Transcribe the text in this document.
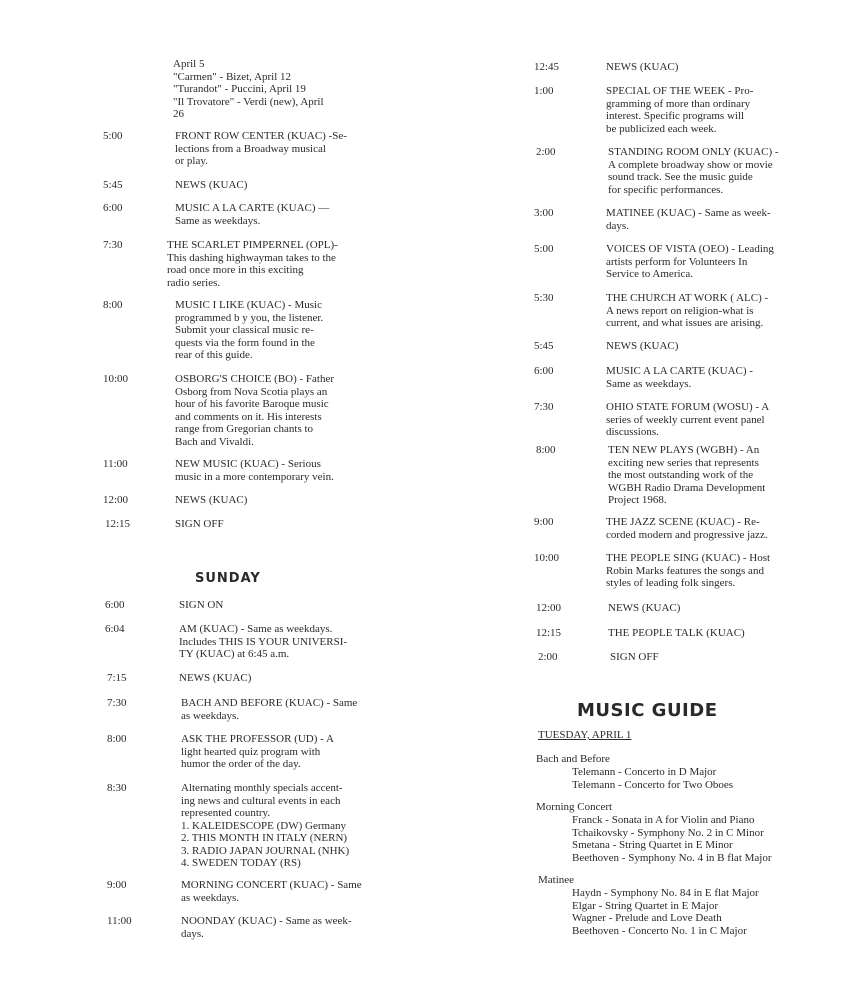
April 5
"Carmen" - Bizet, April 12
"Turandot" - Puccini, April 19
"Il Trovatore" - Verdi (new), April
26
5:00	FRONT ROW CENTER (KUAC) -Se-
lections from a Broadway musical
or play.
5:45	NEWS (KUAC)
6:00	MUSIC A LA CARTE (KUAC) —
Same as weekdays.
7:30	THE SCARLET PIMPERNEL (OPL)-
This dashing highwayman takes to the
road once more in this exciting
radio series.
8:00	MUSIC I LIKE (KUAC) - Music
programmed b y you, the listener.
Submit your classical music re-
quests via the form found in the
rear of this guide.
10:00	OSBORG'S CHOICE (BO) - Father
Osborg from Nova Scotia plays an
hour of his favorite Baroque music
and comments on it. His interests
range from Gregorian chants to
Bach and Vivaldi.
11:00	NEW MUSIC (KUAC) - Serious
music in a more contemporary vein.
12:00	NEWS (KUAC)
12:15	SIGN OFF
SUNDAY
6:00	SIGN ON
6:04	AM (KUAC) - Same as weekdays.
Includes THIS IS YOUR UNIVERSI-
TY (KUAC) at 6:45 a.m.
7:15	NEWS (KUAC)
7:30	BACH AND BEFORE (KUAC) - Same
as weekdays.
8:00	ASK THE PROFESSOR (UD) - A
light hearted quiz program with
humor the order of the day.
8:30	Alternating monthly specials accent-
ing news and cultural events in each
represented country.
1. KALEIDESCOPE (DW) Germany
2. THIS MONTH IN ITALY (NERN)
3. RADIO JAPAN JOURNAL (NHK)
4. SWEDEN TODAY (RS)
9:00	MORNING CONCERT (KUAC) - Same
as weekdays.
11:00	NOONDAY (KUAC) - Same as week-
days.
12:45	NEWS (KUAC)
1:00	SPECIAL OF THE WEEK - Pro-
gramming of more than ordinary
interest. Specific programs will
be publicized each week.
2:00	STANDING ROOM ONLY (KUAC) -
A complete broadway show or movie
sound track. See the music guide
for specific performances.
3:00	MATINEE (KUAC) - Same as week-
days.
5:00	VOICES OF VISTA (OEO) - Leading
artists perform for Volunteers In
Service to America.
5:30	THE CHURCH AT WORK ( ALC) -
A news report on religion-what is
current, and what issues are arising.
5:45	NEWS (KUAC)
6:00	MUSIC A LA CARTE (KUAC) -
Same as weekdays.
7:30	OHIO STATE FORUM (WOSU) - A
series of weekly current event panel
discussions.
8:00	TEN NEW PLAYS (WGBH) - An
exciting new series that represents
the most outstanding work of the
WGBH Radio Drama Development
Project 1968.
9:00	THE JAZZ SCENE (KUAC) - Re-
corded modern and progressive jazz.
10:00	THE PEOPLE SING (KUAC) - Host
Robin Marks features the songs and
styles of leading folk singers.
12:00	NEWS (KUAC)
12:15	THE PEOPLE TALK (KUAC)
2:00	SIGN OFF
MUSIC GUIDE
TUESDAY, APRIL 1
Bach and Before
Telemann - Concerto in D Major
Telemann - Concerto for Two Oboes
Morning Concert
Franck - Sonata in A for Violin and Piano
Tchaikovsky - Symphony No. 2 in C Minor
Smetana - String Quartet in E Minor
Beethoven - Symphony No. 4 in B flat Major
Matinee
Haydn - Symphony No. 84 in E flat Major
Elgar - String Quartet in E Major
Wagner - Prelude and Love Death
Beethoven - Concerto No. 1 in C Major
